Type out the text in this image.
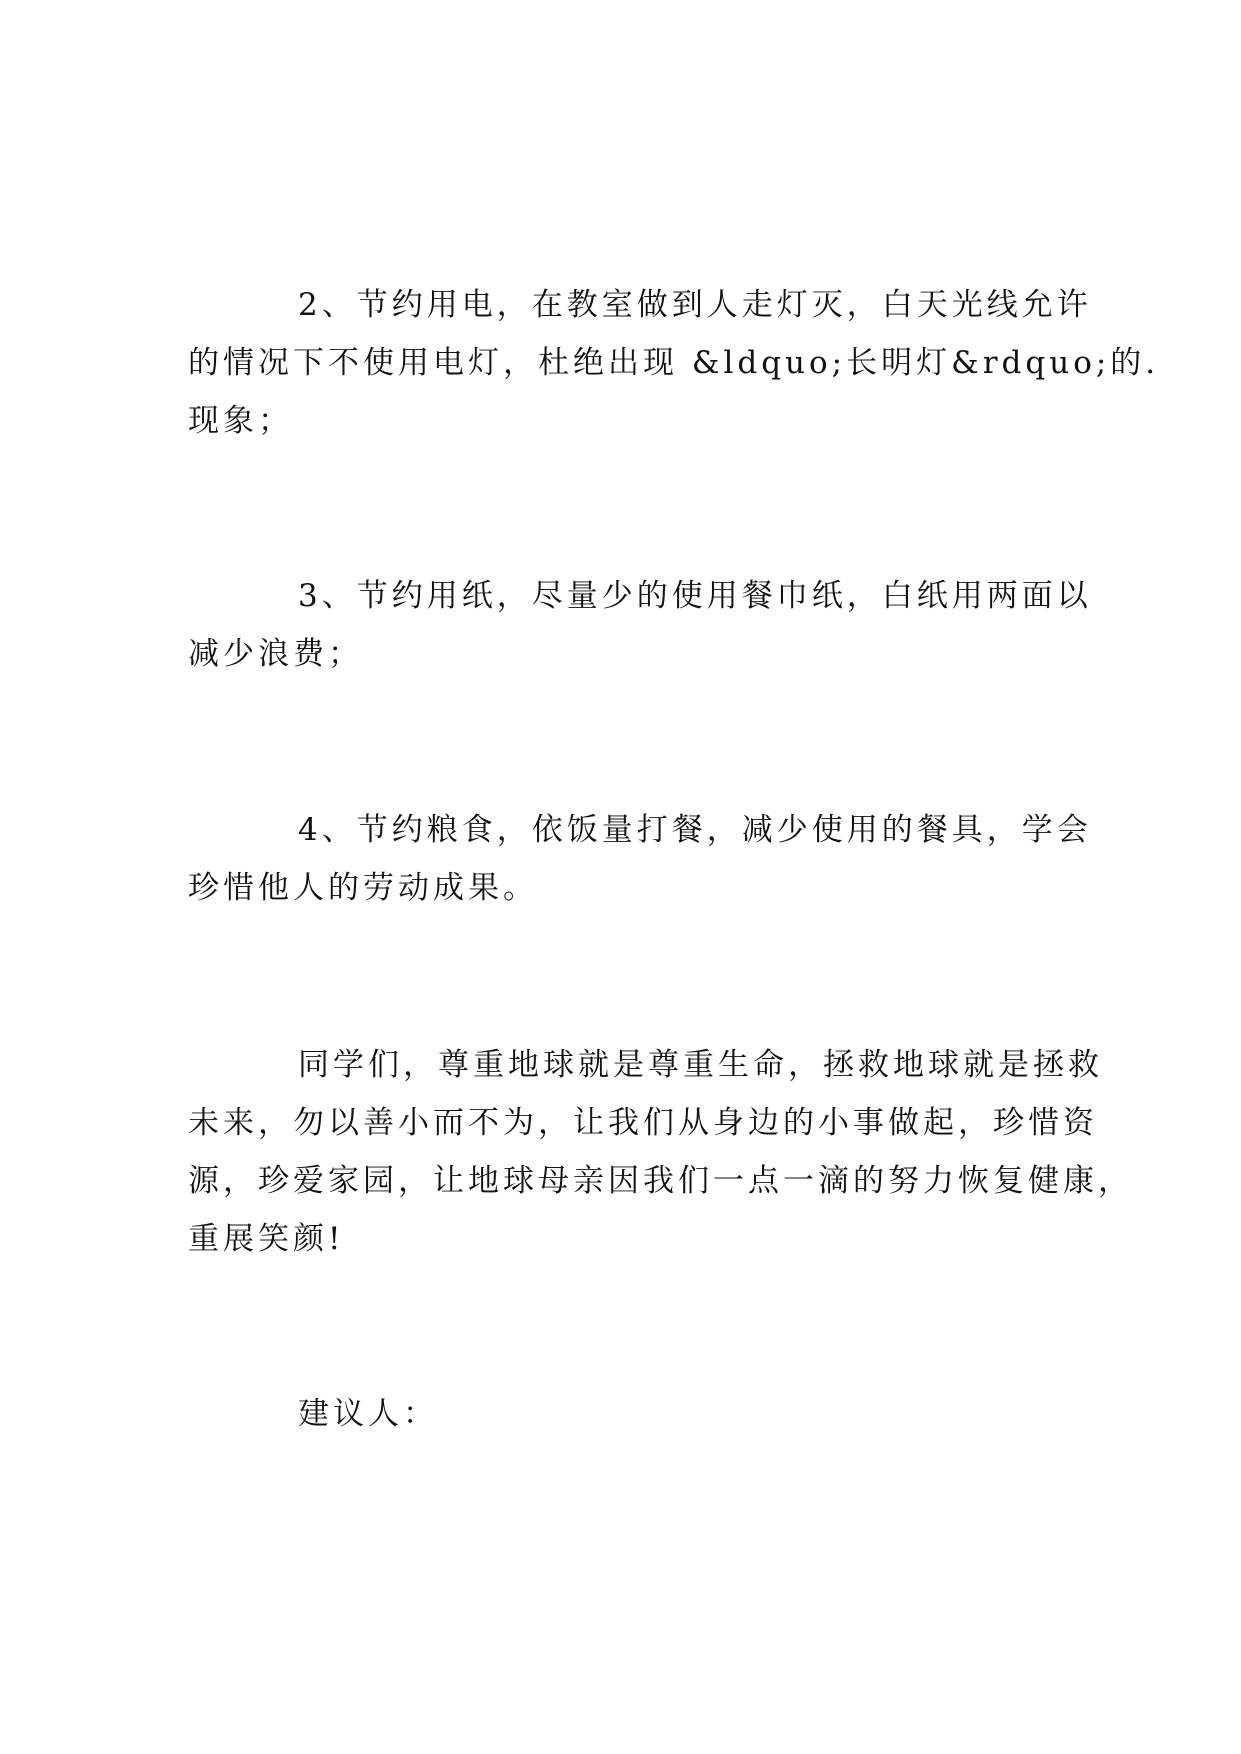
2、节约用电，在教室做到人走灯灭，白天光线允许
的情况下不使用电灯，杜绝出现 &ldquo;长明灯&rdquo;的.
现象；

3、节约用纸，尽量少的使用餐巾纸，白纸用两面以
减少浪费；

4、节约粮食，依饭量打餐，减少使用的餐具，学会
珍惜他人的劳动成果。

同学们，尊重地球就是尊重生命，拯救地球就是拯救
未来，勿以善小而不为，让我们从身边的小事做起，珍惜资
源，珍爱家园，让地球母亲因我们一点一滴的努力恢复健康，
重展笑颜!

建议人：
